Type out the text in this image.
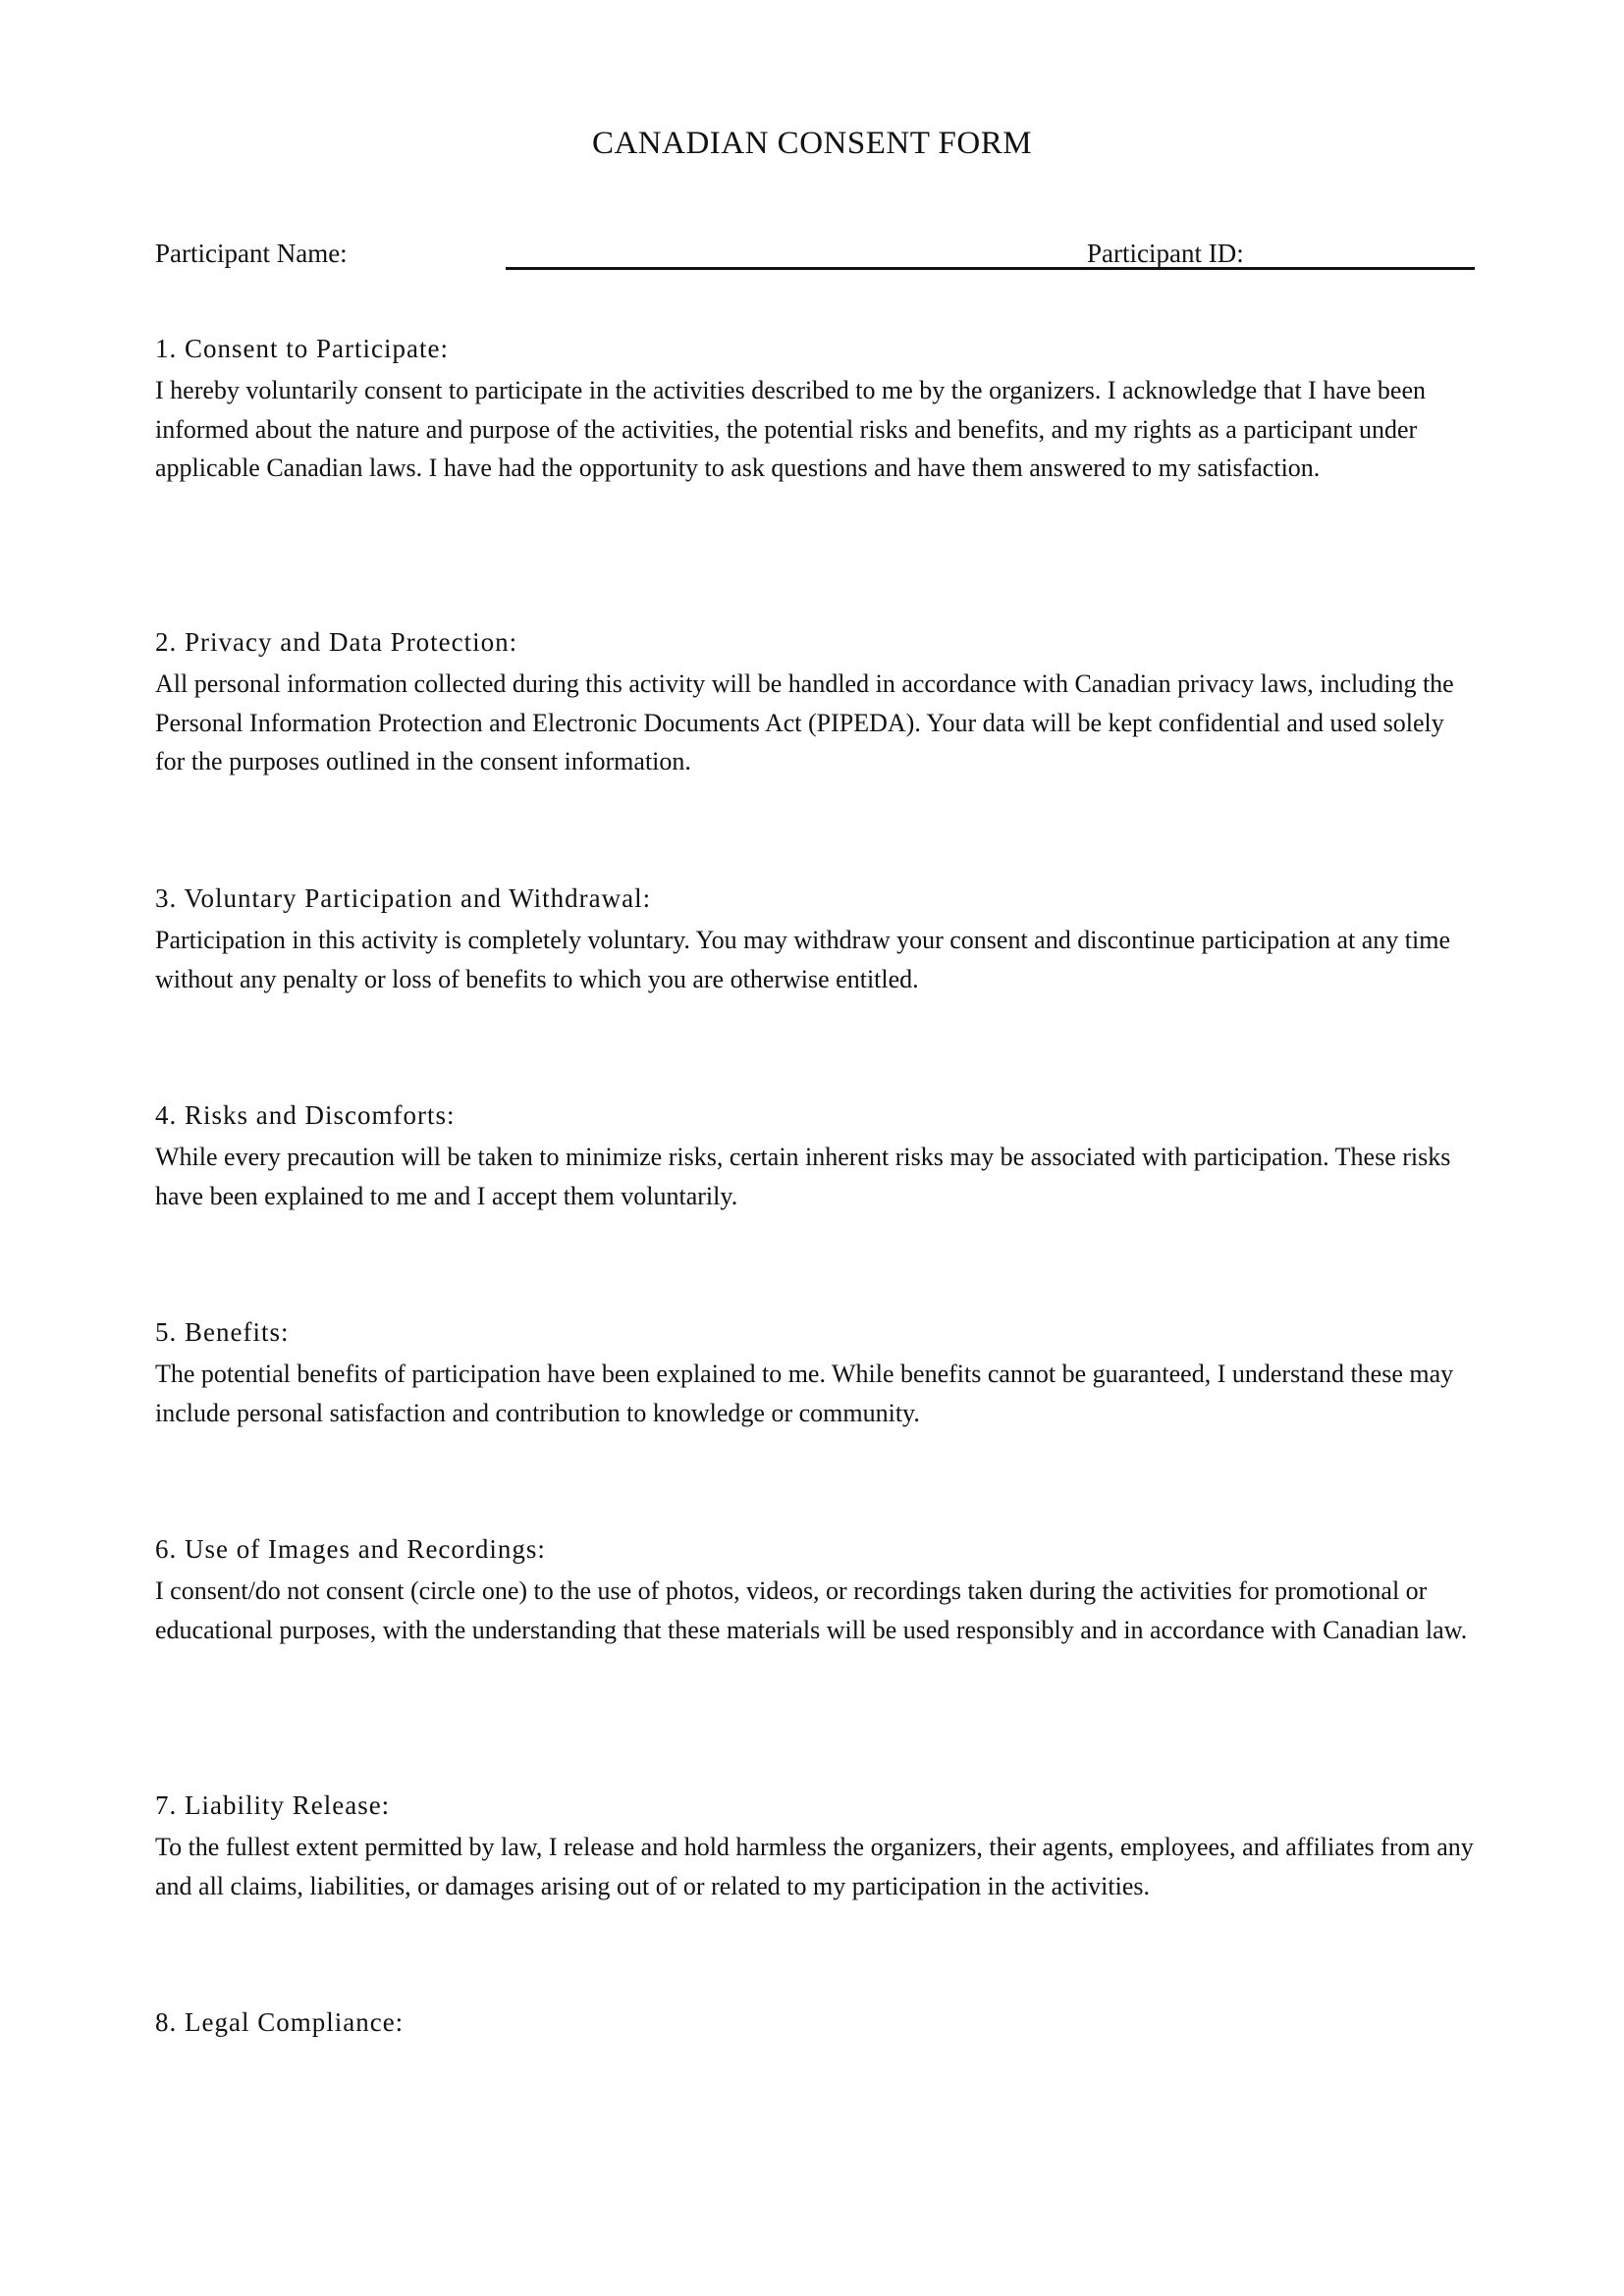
CANADIAN CONSENT FORM
Participant Name:	Participant ID:
1. Consent to Participate:

I hereby voluntarily consent to participate in the activities described to me by the organizers. I acknowledge that I have been informed about the nature and purpose of the activities, the potential risks and benefits, and my rights as a participant under applicable Canadian laws. I have had the opportunity to ask questions and have them answered to my satisfaction.

2. Privacy and Data Protection:

All personal information collected during this activity will be handled in accordance with Canadian privacy laws, including the Personal Information Protection and Electronic Documents Act (PIPEDA). Your data will be kept confidential and used solely for the purposes outlined in the consent information.

3. Voluntary Participation and Withdrawal:

Participation in this activity is completely voluntary. You may withdraw your consent and discontinue participation at any time without any penalty or loss of benefits to which you are otherwise entitled.

4. Risks and Discomforts:

While every precaution will be taken to minimize risks, certain inherent risks may be associated with participation. These risks have been explained to me and I accept them voluntarily.

5. Benefits:

The potential benefits of participation have been explained to me. While benefits cannot be guaranteed, I understand these may include personal satisfaction and contribution to knowledge or community.

6. Use of Images and Recordings:

I consent/do not consent (circle one) to the use of photos, videos, or recordings taken during the activities for promotional or educational purposes, with the understanding that these materials will be used responsibly and in accordance with Canadian law.

7. Liability Release:

To the fullest extent permitted by law, I release and hold harmless the organizers, their agents, employees, and affiliates from any and all claims, liabilities, or damages arising out of or related to my participation in the activities.

8. Legal Compliance:
